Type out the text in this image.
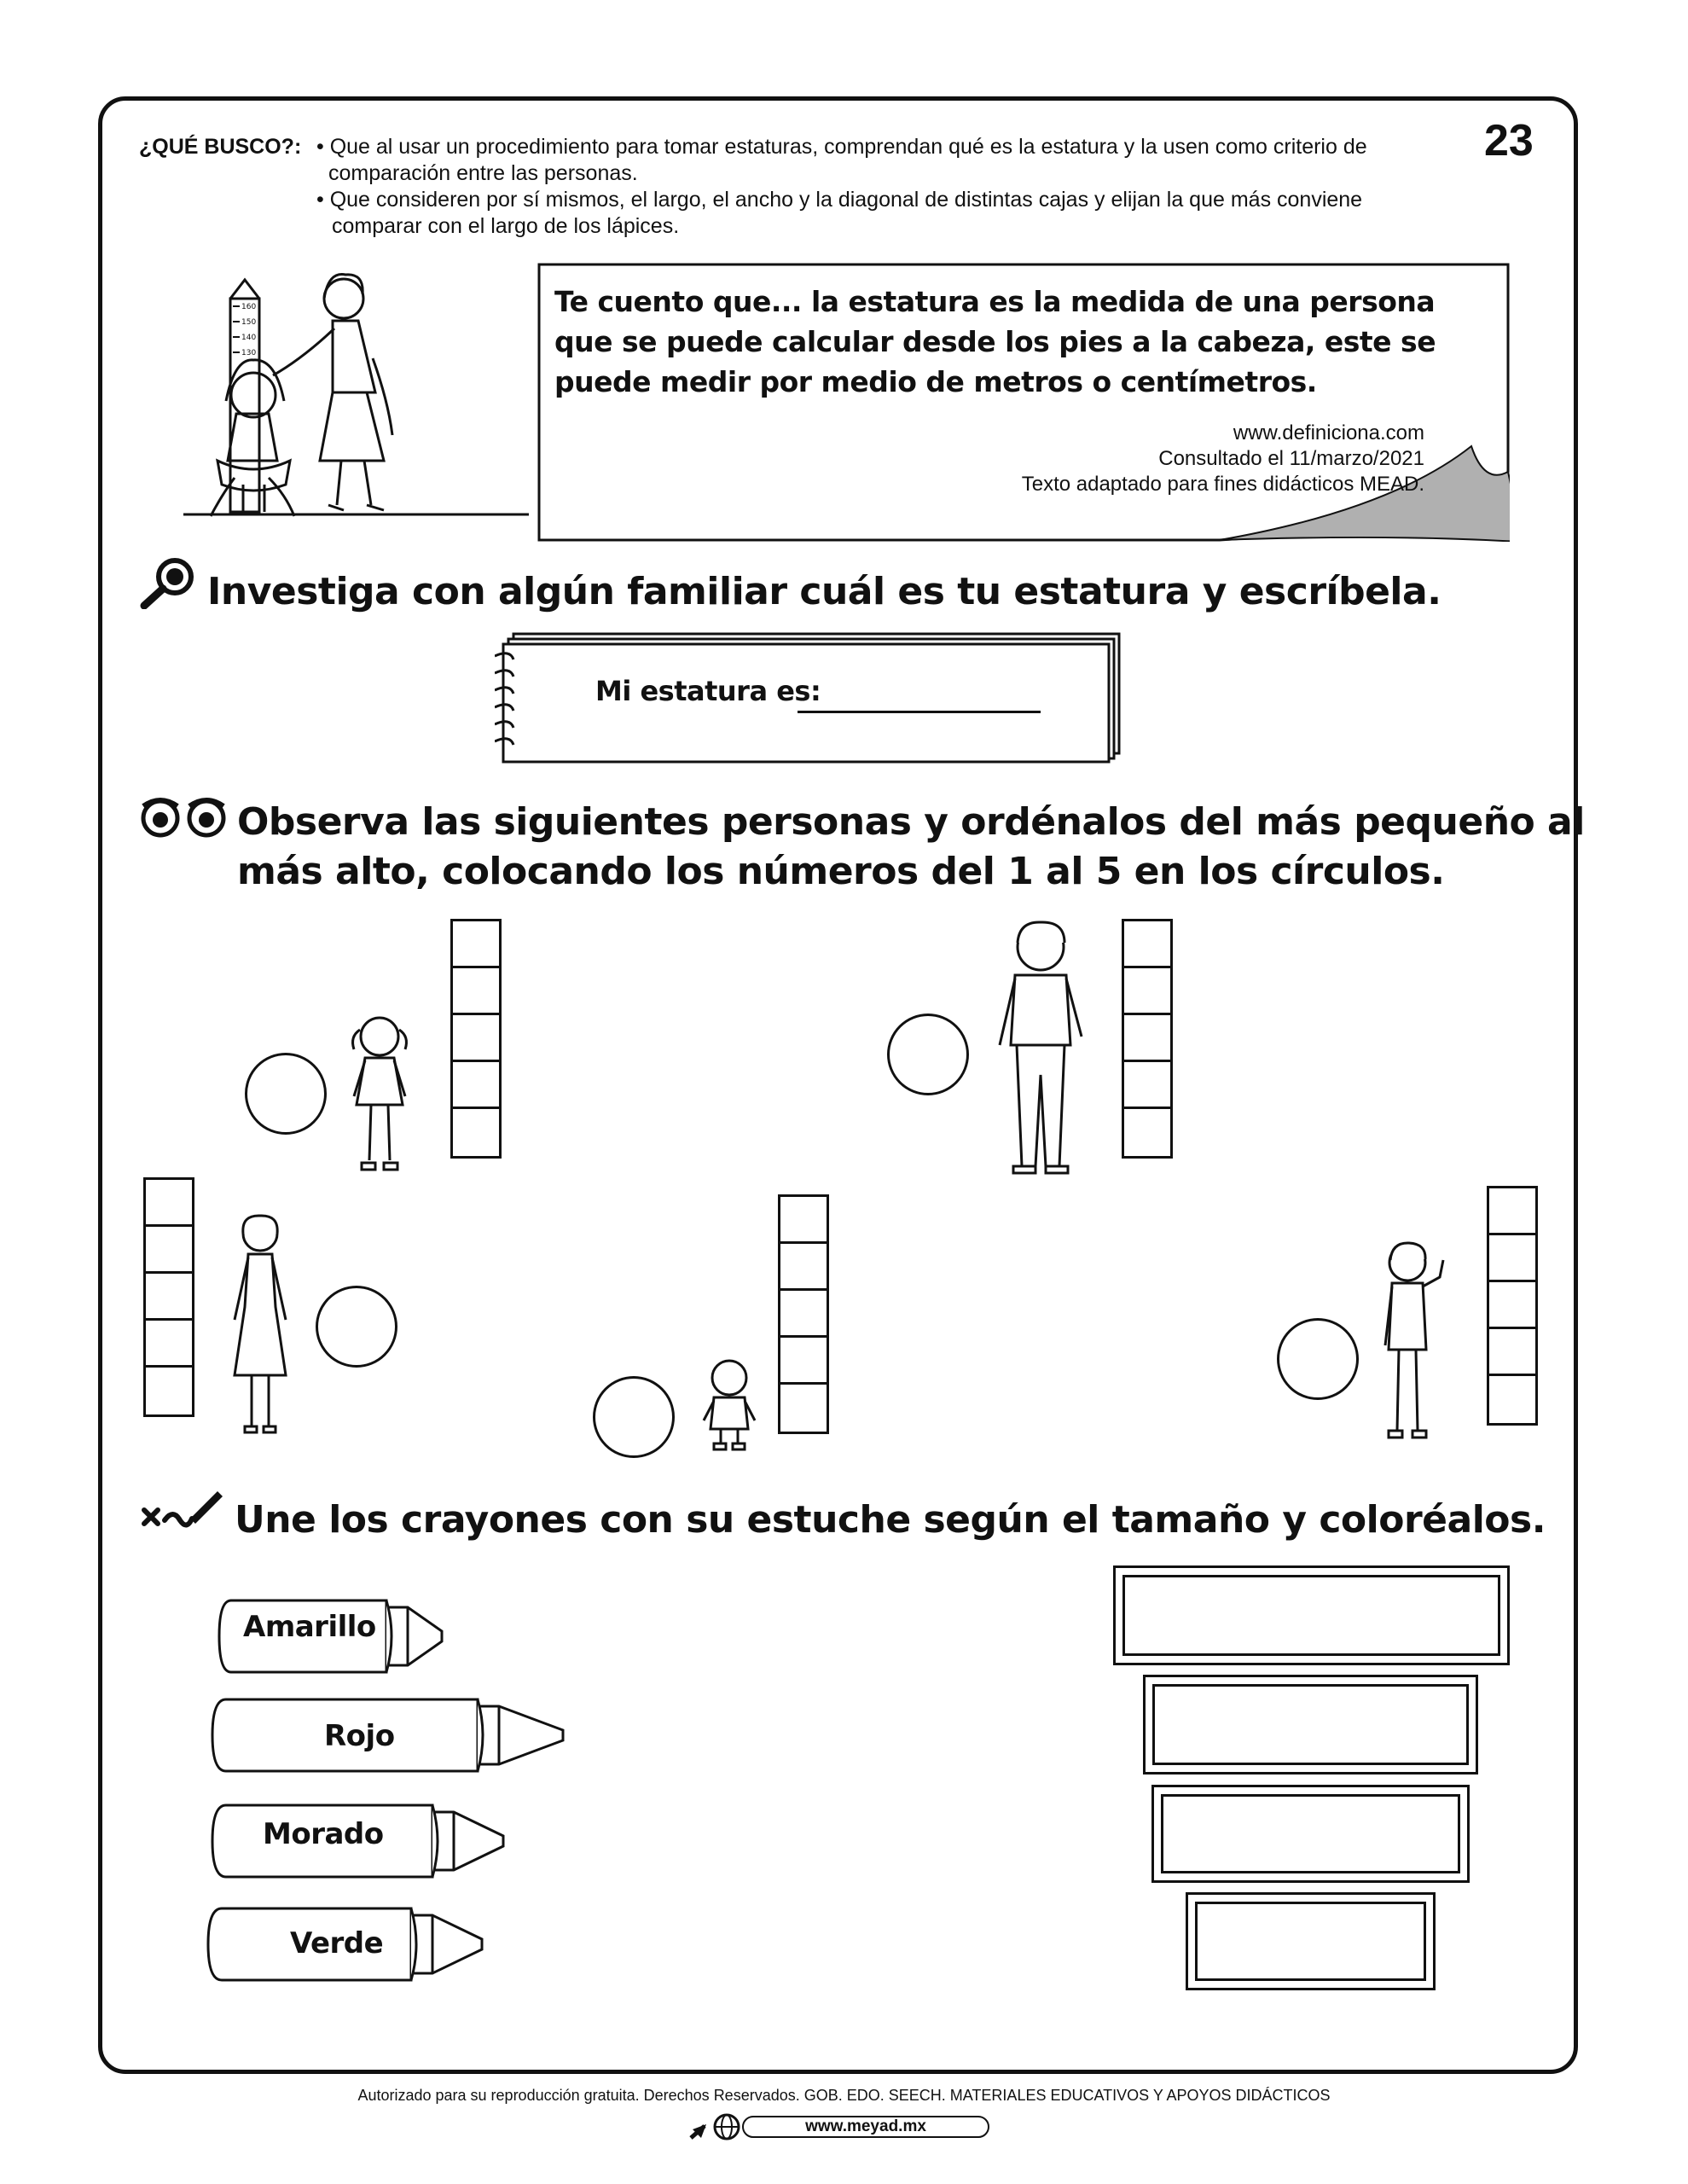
23
¿QUÉ BUSCO?: • Que al usar un procedimiento para tomar estaturas, comprendan qué es la estatura y la usen como criterio de
comparación entre las personas.
• Que consideren por sí mismos, el largo, el ancho y la diagonal de distintas cajas y elijan la que más conviene
comparar con el largo de los lápices.
160
150
140
130
Te cuento que... la estatura es la medida de una persona que se puede calcular desde los pies a la cabeza, este se puede medir por medio de metros o centímetros.
www.definiciona.com
Consultado el 11/marzo/2021
Texto adaptado para fines didácticos MEAD.
Investiga con algún familiar cuál es tu estatura y escríbela.
Mi estatura es:
Observa las siguientes personas y ordénalos del más pequeño al
más alto, colocando los números del 1 al 5 en los círculos.
Une los crayones con su estuche según el tamaño y coloréalos.
Amarillo
Rojo
Morado
Verde
Autorizado para su reproducción gratuita. Derechos Reservados. GOB. EDO. SEECH. MATERIALES EDUCATIVOS Y APOYOS DIDÁCTICOS
www.meyad.mx
